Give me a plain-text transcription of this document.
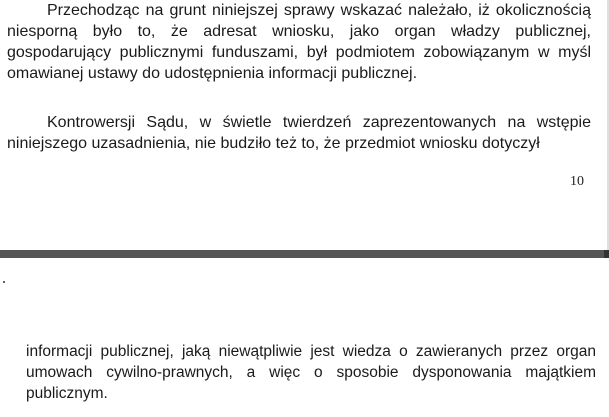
Przechodząc na grunt niniejszej sprawy wskazać należało, iż okolicznością niesporną było to, że adresat wniosku, jako organ władzy publicznej, gospodarujący publicznymi funduszami, był podmiotem zobowiązanym w myśl omawianej ustawy do udostępnienia informacji publicznej.

Kontrowersji Sądu, w świetle twierdzeń zaprezentowanych na wstępie niniejszego uzasadnienia, nie budziło też to, że przedmiot wniosku dotyczył

10

informacji publicznej, jaką niewątpliwie jest wiedza o zawieranych przez organ umowach cywilno-prawnych, a więc o sposobie dysponowania majątkiem publicznym.
